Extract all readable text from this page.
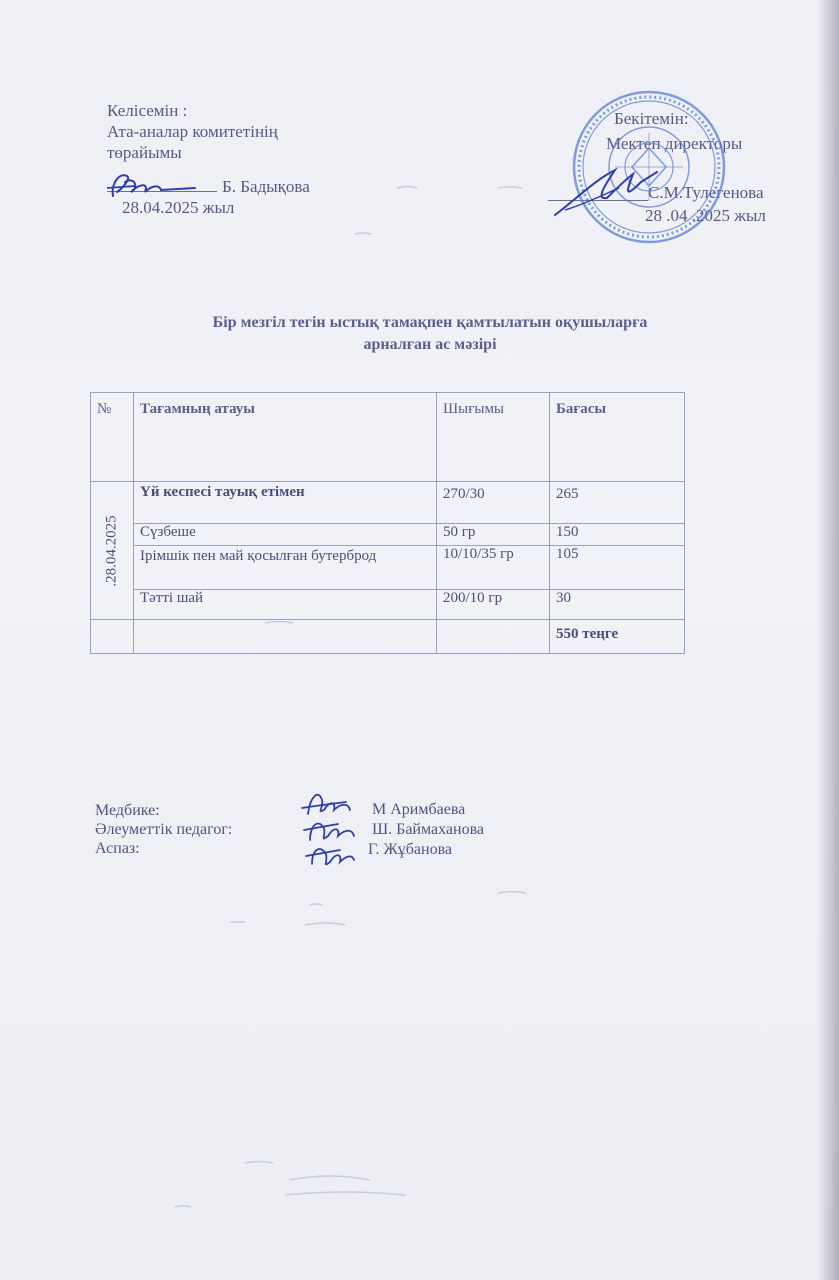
Келісемін :
Ата-аналар комитетінің
төрайымы
Б. Бадықова
28.04.2025 жыл
Бекітемін:
Мектеп директоры
С.М.Тулегенова
28 .04 .2025 жыл
Бір мезгіл тегін ыстық тамақпен қамтылатын оқушыларға
арналған ас мәзірі
№	Тағамның атауы	Шығымы	Бағасы

.28.04.2025	Үй кеспесі тауық етімен	270/30	265
	Сүзбеше	50 гр	150
	Ірімшік пен май қосылған бутерброд	10/10/35 гр	105
	Тәтті шай	200/10 гр	30
			550 теңге
Медбике:
Әлеуметтік педагог:
Аспаз:
М Аримбаева
Ш. Баймаханова
Г. Жұбанова
